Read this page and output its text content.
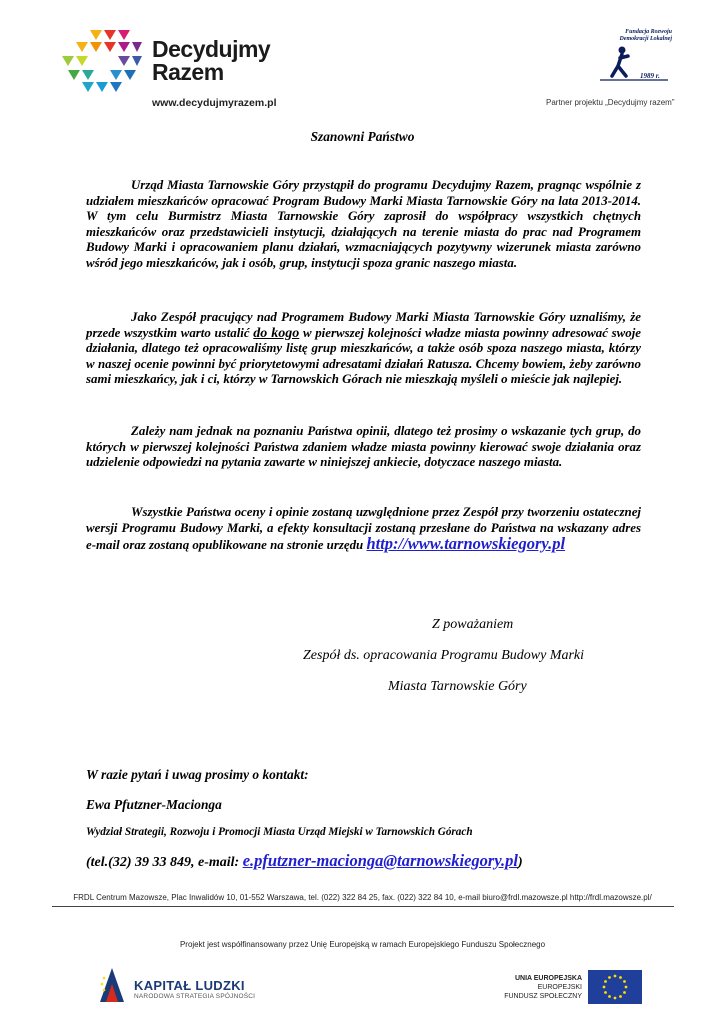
Decydujmy
Razem
www.decydujmyrazem.pl
Fundacja Rozwoju Demokracji Lokalnej
1989 r.
Partner projektu „Decydujmy razem”
Szanowni Państwo

Urząd Miasta Tarnowskie Góry przystąpił do programu Decydujmy Razem, pragnąc wspólnie z udziałem mieszkańców opracować Program Budowy Marki Miasta Tarnowskie Góry na lata 2013-2014. W tym celu Burmistrz Miasta Tarnowskie Góry zaprosił do współpracy wszystkich chętnych mieszkańców oraz przedstawicieli instytucji, działających na terenie miasta do prac nad Programem Budowy Marki i opracowaniem planu działań, wzmacniających pozytywny wizerunek miasta zarówno wśród jego mieszkańców, jak i osób, grup, instytucji spoza granic naszego miasta.

Jako Zespół pracujący nad Programem Budowy Marki Miasta Tarnowskie Góry uznaliśmy, że przede wszystkim warto ustalić do kogo w pierwszej kolejności władze miasta powinny adresować swoje działania, dlatego też opracowaliśmy listę grup mieszkańców, a także osób spoza naszego miasta, którzy w naszej ocenie powinni być priorytetowymi adresatami działań Ratusza. Chcemy bowiem, żeby zarówno sami mieszkańcy, jak i ci, którzy w Tarnowskich Górach nie mieszkają myśleli o mieście jak najlepiej.

Zależy nam jednak na poznaniu Państwa opinii, dlatego też prosimy o wskazanie tych grup, do których w pierwszej kolejności Państwa zdaniem władze miasta powinny kierować swoje działania oraz udzielenie odpowiedzi na pytania zawarte w niniejszej ankiecie, dotyczace naszego miasta.

Wszystkie Państwa oceny i opinie zostaną uzwględnione przez Zespół przy tworzeniu ostatecznej wersji Programu Budowy Marki, a efekty konsultacji zostaną przesłane do Państwa na wskazany adres e-mail oraz zostaną opublikowane na stronie urzędu http://www.tarnowskiegory.pl

Z poważaniem
Zespół ds. opracowania Programu Budowy Marki
Miasta Tarnowskie Góry
W razie pytań i uwag prosimy o kontakt:
Ewa Pfutzner-Macionga
Wydział Strategii, Rozwoju i Promocji Miasta Urząd Miejski w Tarnowskich Górach
(tel.(32) 39 33 849, e-mail: e.pfutzner-macionga@tarnowskiegory.pl)
FRDL Centrum Mazowsze, Plac Inwalidów 10, 01-552 Warszawa, tel. (022) 322 84 25, fax. (022) 322 84 10, e-mail biuro@frdl.mazowsze.pl http://frdl.mazowsze.pl/
Projekt jest współfinansowany przez Unię Europejską w ramach Europejskiego Funduszu Społecznego
KAPITAŁ LUDZKI
NARODOWA STRATEGIA SPÓJNOŚCI
UNIA EUROPEJSKA
EUROPEJSKI
FUNDUSZ SPOŁECZNY
